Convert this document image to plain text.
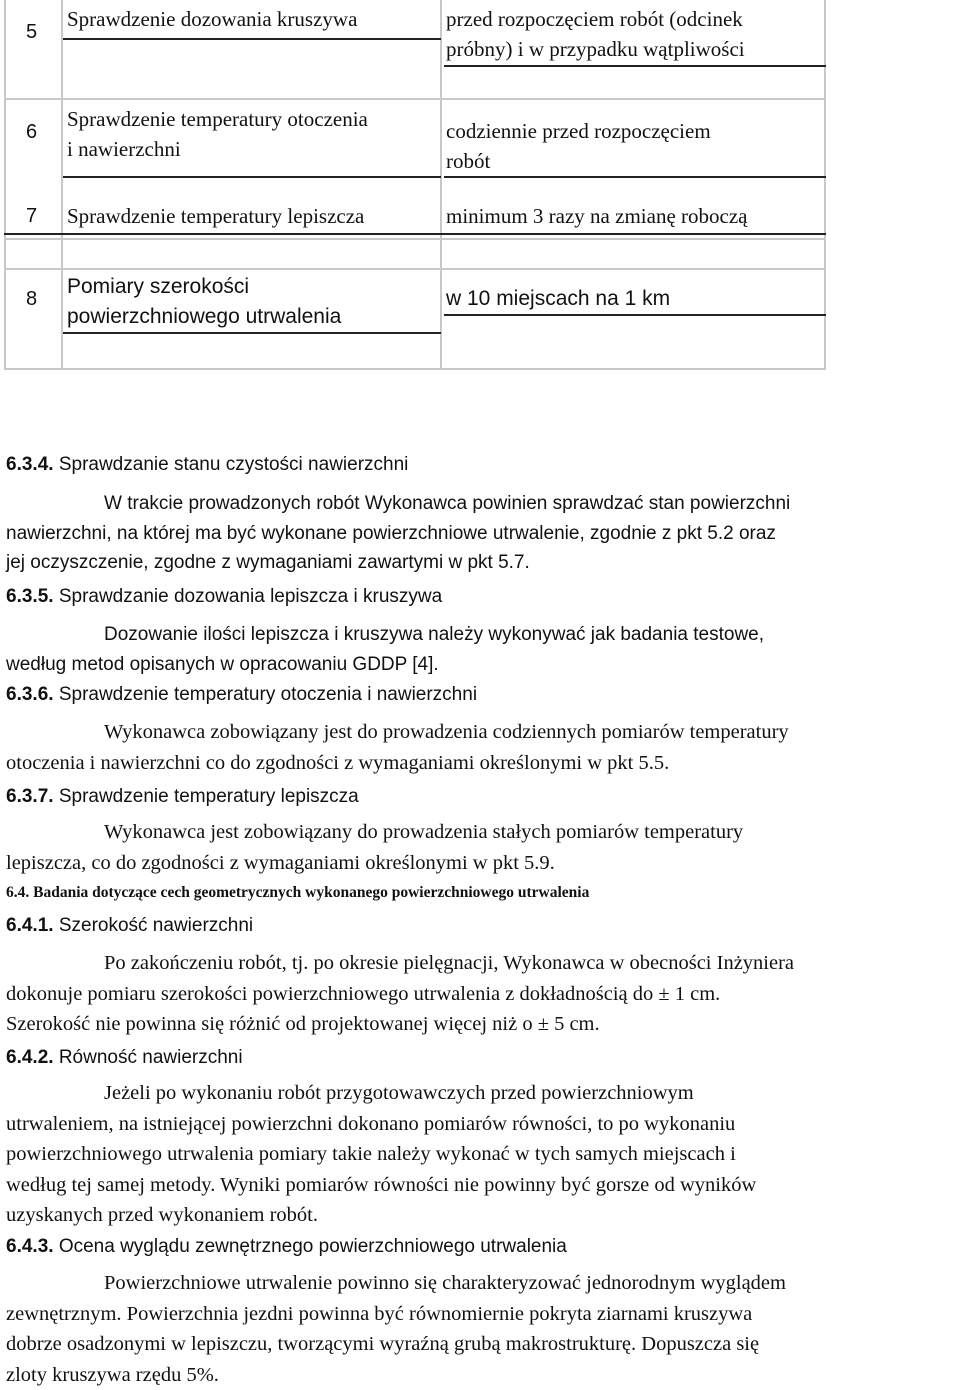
5
Sprawdzenie dozowania kruszywa	przed rozpoczęciem robót (odcinek
próbny) i w przypadku wątpliwości
6
Sprawdzenie temperatury otoczenia
i nawierzchni
codziennie przed rozpoczęciem
robót
7 Sprawdzenie temperatury lepiszcza	minimum 3 razy na zmianę roboczą
8
Pomiary szerokości
powierzchniowego utrwalenia
w 10 miejscach na 1 km
6.3.4. Sprawdzanie stanu czystości nawierzchni
W trakcie prowadzonych robót Wykonawca powinien sprawdzać stan powierzchni
nawierzchni, na której ma być wykonane powierzchniowe utrwalenie, zgodnie z pkt 5.2 oraz
jej oczyszczenie, zgodne z wymaganiami zawartymi w pkt 5.7.
6.3.5. Sprawdzanie dozowania lepiszcza i kruszywa
Dozowanie ilości lepiszcza i kruszywa należy wykonywać jak badania testowe,
według metod opisanych w opracowaniu GDDP [4].
6.3.6. Sprawdzenie temperatury otoczenia i nawierzchni
Wykonawca zobowiązany jest do prowadzenia codziennych pomiarów temperatury
otoczenia i nawierzchni co do zgodności z wymaganiami określonymi w pkt 5.5.
6.3.7. Sprawdzenie temperatury lepiszcza
Wykonawca jest zobowiązany do prowadzenia stałych pomiarów temperatury
lepiszcza, co do zgodności z wymaganiami określonymi w pkt 5.9.
6.4. Badania dotyczące cech geometrycznych wykonanego powierzchniowego utrwalenia
6.4.1. Szerokość nawierzchni
Po zakończeniu robót, tj. po okresie pielęgnacji, Wykonawca w obecności Inżyniera
dokonuje pomiaru szerokości powierzchniowego utrwalenia z dokładnością do ± 1 cm.
Szerokość nie powinna się różnić od projektowanej więcej niż o ± 5 cm.
6.4.2. Równość nawierzchni
Jeżeli po wykonaniu robót przygotowawczych przed powierzchniowym
utrwaleniem, na istniejącej powierzchni dokonano pomiarów równości, to po wykonaniu
powierzchniowego utrwalenia pomiary takie należy wykonać w tych samych miejscach i
według tej samej metody. Wyniki pomiarów równości nie powinny być gorsze od wyników
uzyskanych przed wykonaniem robót.
6.4.3. Ocena wyglądu zewnętrznego powierzchniowego utrwalenia
Powierzchniowe utrwalenie powinno się charakteryzować jednorodnym wyglądem
zewnętrznym. Powierzchnia jezdni powinna być równomiernie pokryta ziarnami kruszywa
dobrze osadzonymi w lepiszczu, tworzącymi wyraźną grubą makrostrukturę. Dopuszcza się
zloty kruszywa rzędu 5%.
